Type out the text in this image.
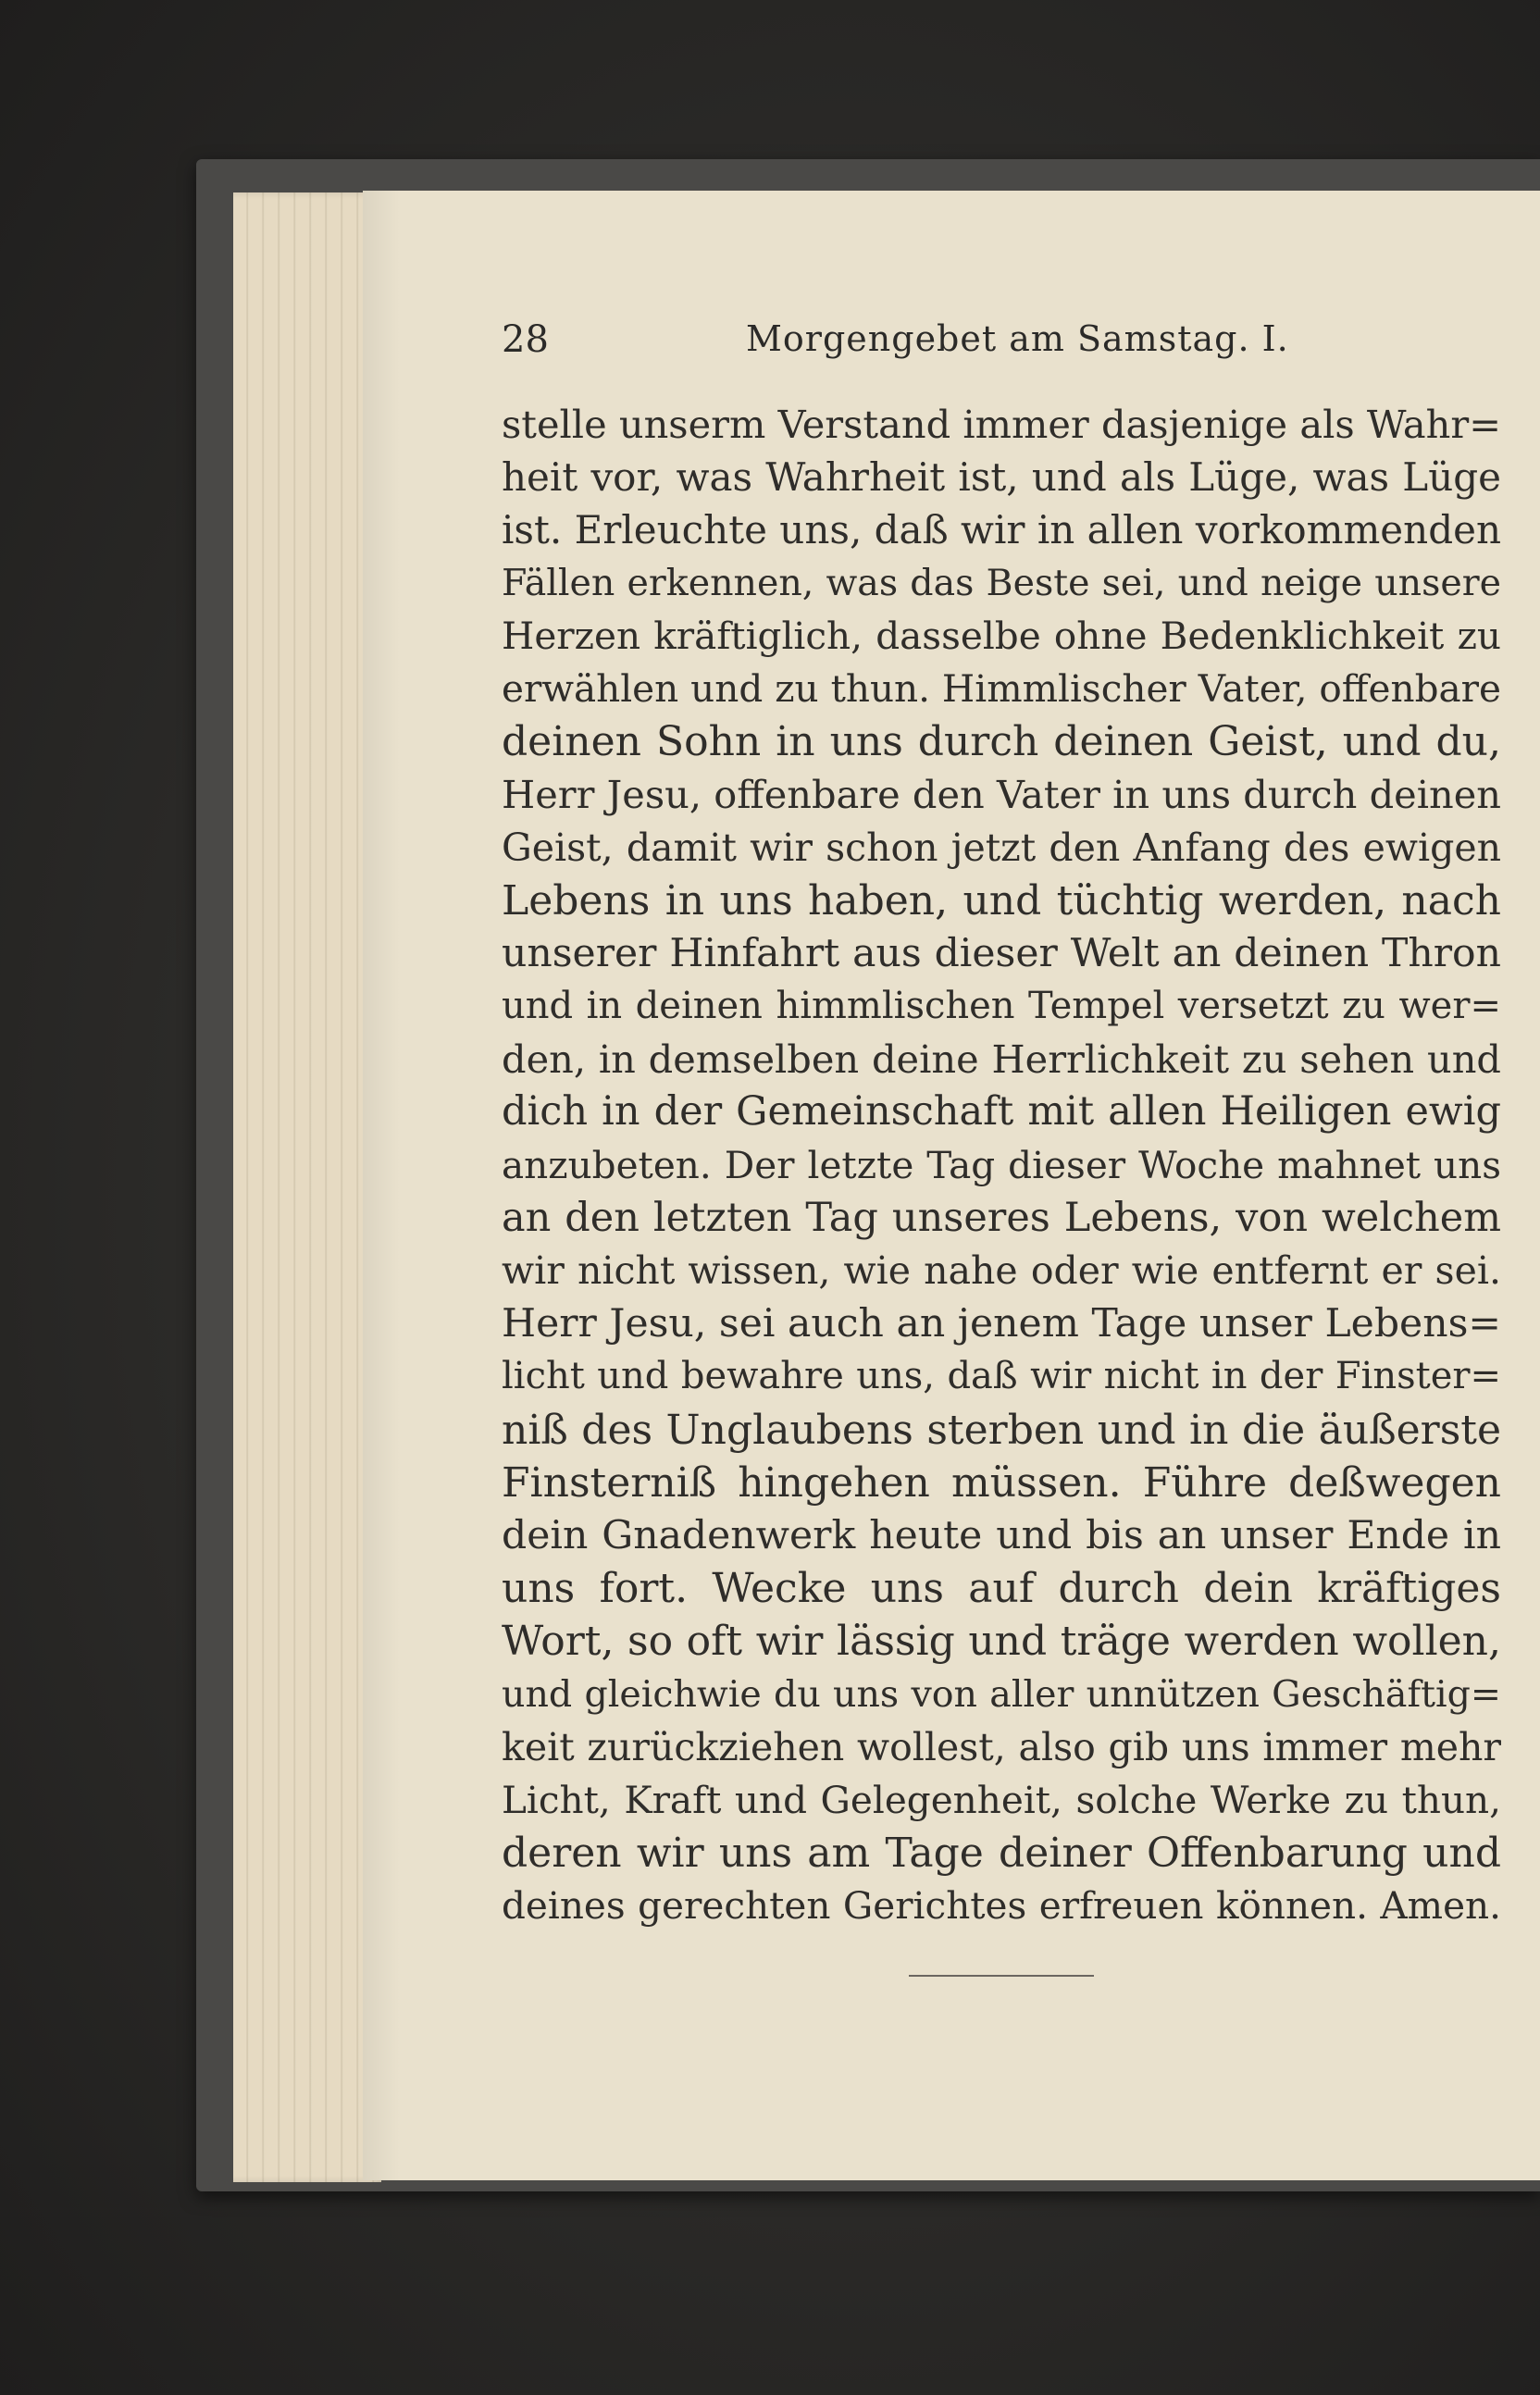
28	Morgengebet am Samstag. I.
stelle unserm Verstand immer dasjenige als Wahr=
heit vor, was Wahrheit ist, und als Lüge, was Lüge
ist. Erleuchte uns, daß wir in allen vorkommenden
Fällen erkennen, was das Beste sei, und neige unsere
Herzen kräftiglich, dasselbe ohne Bedenklichkeit zu
erwählen und zu thun. Himmlischer Vater, offenbare
deinen Sohn in uns durch deinen Geist, und du,
Herr Jesu, offenbare den Vater in uns durch deinen
Geist, damit wir schon jetzt den Anfang des ewigen
Lebens in uns haben, und tüchtig werden, nach
unserer Hinfahrt aus dieser Welt an deinen Thron
und in deinen himmlischen Tempel versetzt zu wer=
den, in demselben deine Herrlichkeit zu sehen und
dich in der Gemeinschaft mit allen Heiligen ewig
anzubeten. Der letzte Tag dieser Woche mahnet uns
an den letzten Tag unseres Lebens, von welchem
wir nicht wissen, wie nahe oder wie entfernt er sei.
Herr Jesu, sei auch an jenem Tage unser Lebens=
licht und bewahre uns, daß wir nicht in der Finster=
niß des Unglaubens sterben und in die äußerste
Finsterniß hingehen müssen. Führe deßwegen
dein Gnadenwerk heute und bis an unser Ende in
uns fort. Wecke uns auf durch dein kräftiges
Wort, so oft wir lässig und träge werden wollen,
und gleichwie du uns von aller unnützen Geschäftig=
keit zurückziehen wollest, also gib uns immer mehr
Licht, Kraft und Gelegenheit, solche Werke zu thun,
deren wir uns am Tage deiner Offenbarung und
deines gerechten Gerichtes erfreuen können. Amen.
